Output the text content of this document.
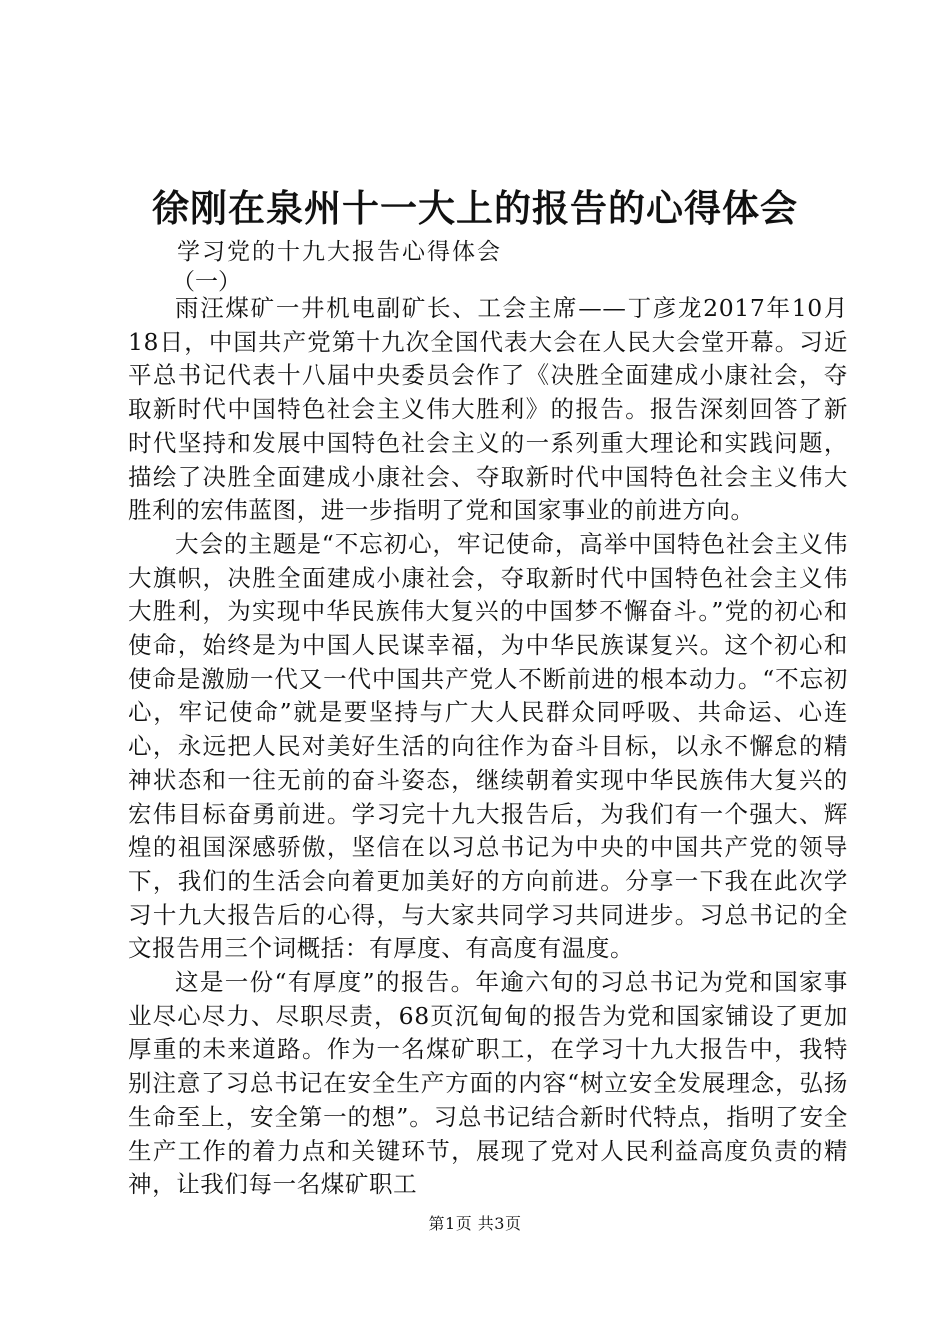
徐刚在泉州十一大上的报告的心得体会

学习党的十九大报告心得体会

（一）

雨汪煤矿一井机电副矿长、工会主席——丁彦龙2017年10月18日，中国共产党第十九次全国代表大会在人民大会堂开幕。习近平总书记代表十八届中央委员会作了《决胜全面建成小康社会，夺取新时代中国特色社会主义伟大胜利》的报告。报告深刻回答了新时代坚持和发展中国特色社会主义的一系列重大理论和实践问题，描绘了决胜全面建成小康社会、夺取新时代中国特色社会主义伟大胜利的宏伟蓝图，进一步指明了党和国家事业的前进方向。

大会的主题是“不忘初心，牢记使命，高举中国特色社会主义伟大旗帜，决胜全面建成小康社会，夺取新时代中国特色社会主义伟大胜利，为实现中华民族伟大复兴的中国梦不懈奋斗。”党的初心和使命，始终是为中国人民谋幸福，为中华民族谋复兴。这个初心和使命是激励一代又一代中国共产党人不断前进的根本动力。“不忘初心，牢记使命”就是要坚持与广大人民群众同呼吸、共命运、心连心，永远把人民对美好生活的向往作为奋斗目标，以永不懈怠的精神状态和一往无前的奋斗姿态，继续朝着实现中华民族伟大复兴的宏伟目标奋勇前进。学习完十九大报告后，为我们有一个强大、辉煌的祖国深感骄傲，坚信在以习总书记为中央的中国共产党的领导下，我们的生活会向着更加美好的方向前进。分享一下我在此次学习十九大报告后的心得，与大家共同学习共同进步。习总书记的全文报告用三个词概括：有厚度、有高度有温度。

这是一份“有厚度”的报告。年逾六旬的习总书记为党和国家事业尽心尽力、尽职尽责，68页沉甸甸的报告为党和国家铺设了更加厚重的未来道路。作为一名煤矿职工，在学习十九大报告中，我特别注意了习总书记在安全生产方面的内容“树立安全发展理念，弘扬生命至上，安全第一的想”。习总书记结合新时代特点，指明了安全生产工作的着力点和关键环节，展现了党对人民利益高度负责的精神，让我们每一名煤矿职工

第1页 共3页
